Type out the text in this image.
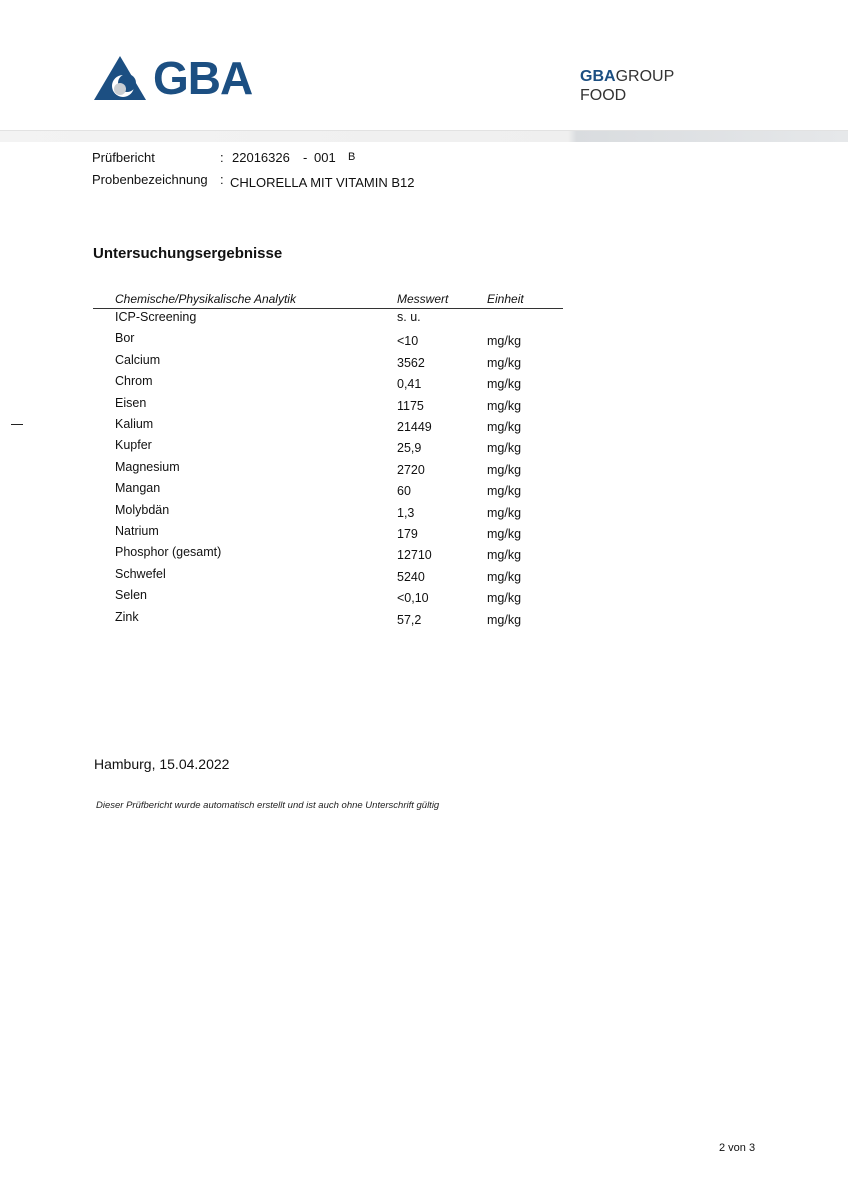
GBA	GBAGROUP
FOOD
Prüfbericht	: 22016326 - 001 B
Probenbezeichnung : CHLORELLA MIT VITAMIN B12
Untersuchungsergebnisse
Chemische/Physikalische Analytik	Messwert	Einheit
ICP-Screening	s. u.
Bor	<10	mg/kg
Calcium	3562	mg/kg
Chrom	0,41	mg/kg
Eisen	1175	mg/kg
Kalium	21449	mg/kg
Kupfer	25,9	mg/kg
Magnesium	2720	mg/kg
Mangan	60	mg/kg
Molybdän	1,3	mg/kg
Natrium	179	mg/kg
Phosphor (gesamt)	12710	mg/kg
Schwefel	5240	mg/kg
Selen	<0,10	mg/kg
Zink	57,2	mg/kg
Hamburg, 15.04.2022
Dieser Prüfbericht wurde automatisch erstellt und ist auch ohne Unterschrift gültig
2 von 3
